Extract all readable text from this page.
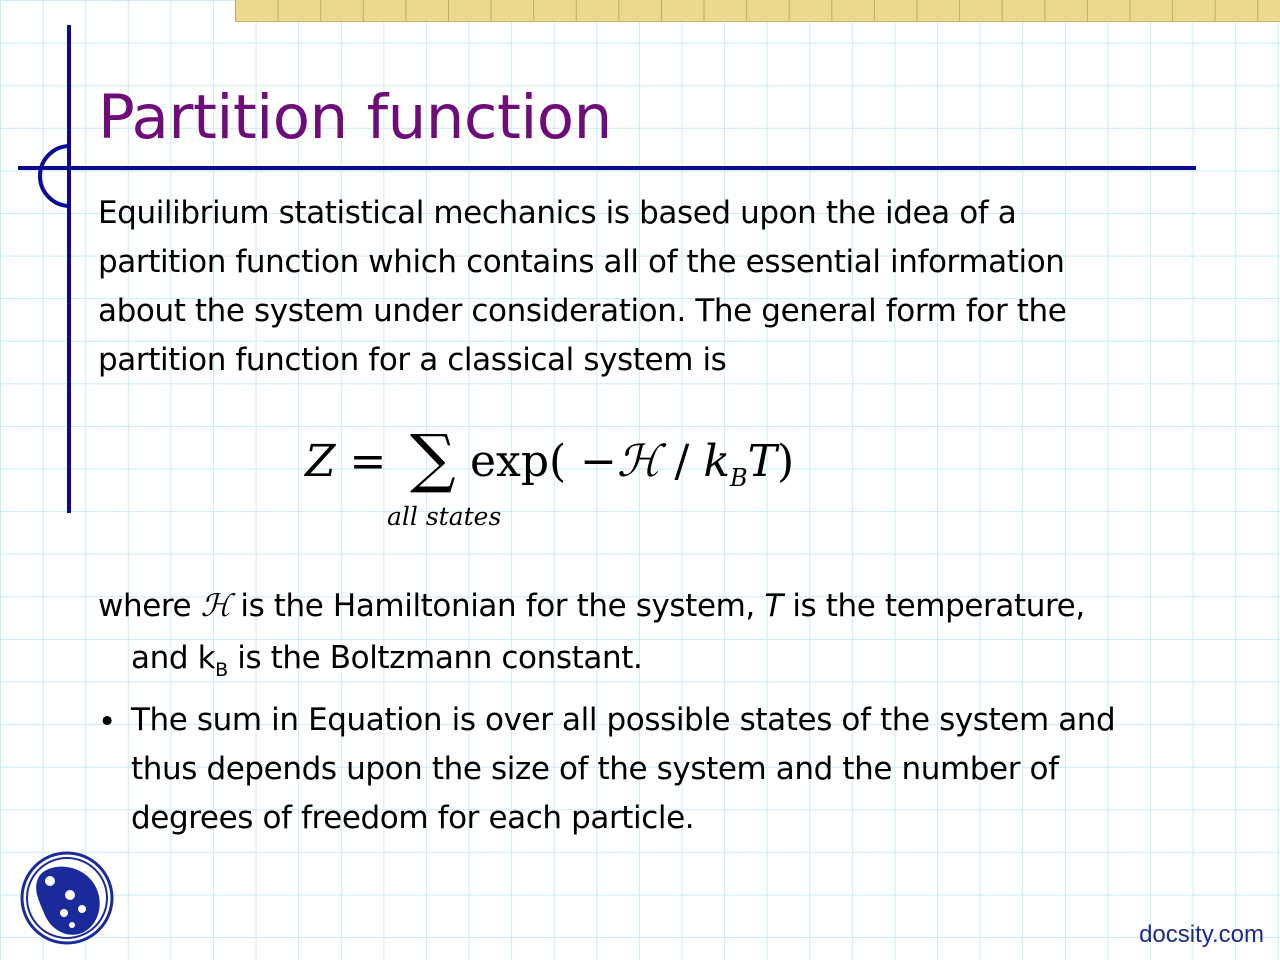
Partition function
Equilibrium statistical mechanics is based upon the idea of a
partition function which contains all of the essential information
about the system under consideration. The general form for the
partition function for a classical system is
Z = ∑ exp( −ℋ / $k_BT$)
all states
where ℋ is the Hamiltonian for the system, T is the temperature,
and $k_B$ is the Boltzmann constant.
• The sum in Equation is over all possible states of the system and
thus depends upon the size of the system and the number of
degrees of freedom for each particle.
docsity.com
